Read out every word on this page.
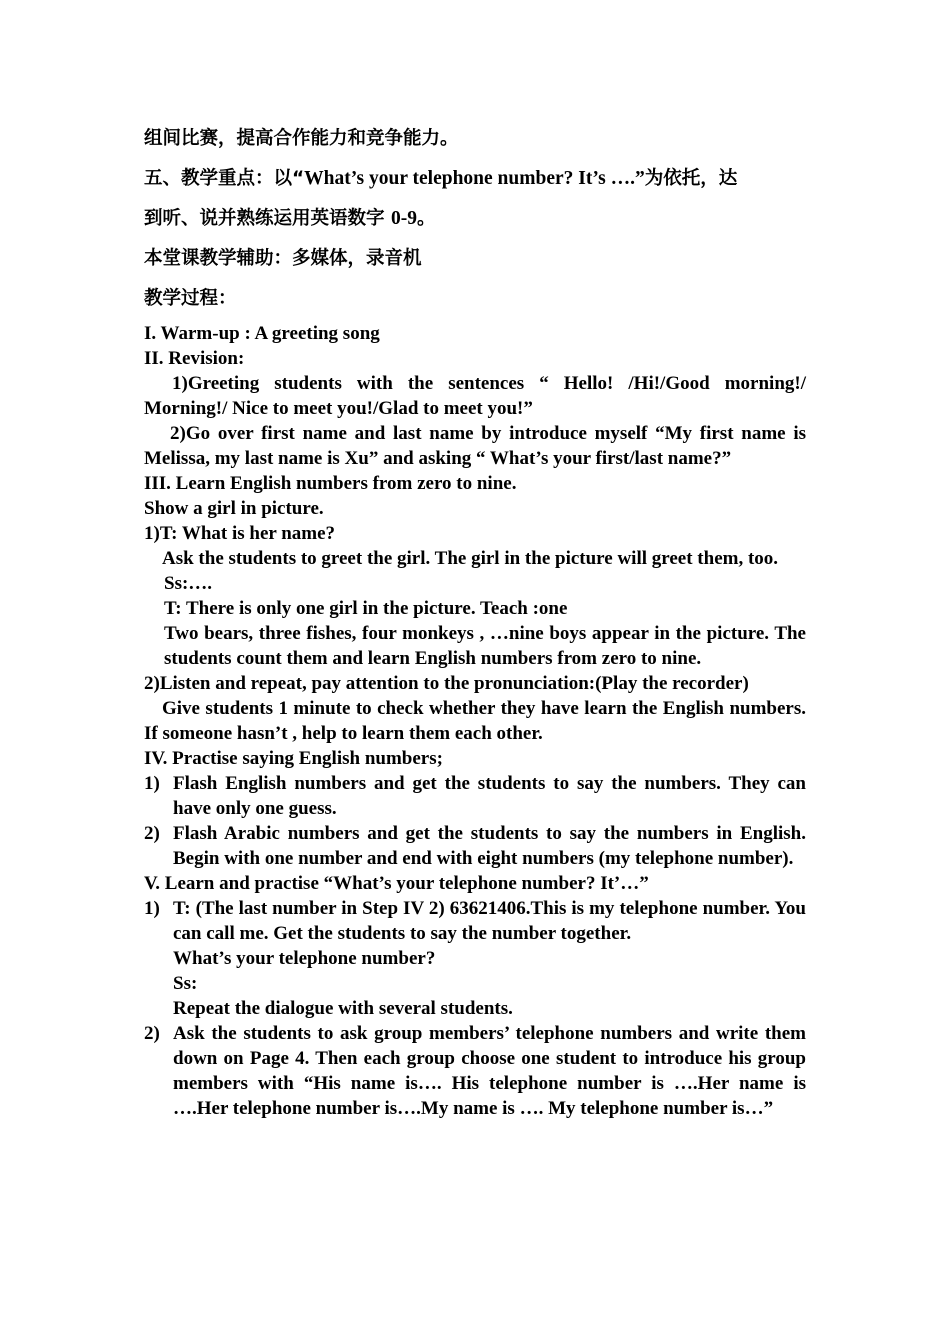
组间比赛，提高合作能力和竞争能力。
五、教学重点：以“What’s your telephone number? It’s ….”为依托，达
到听、说并熟练运用英语数字 0-9。
本堂课教学辅助：多媒体，录音机
教学过程：
I. Warm-up : A greeting song
II. Revision:
1)Greeting students with the sentences “ Hello! /Hi!/Good morning!/ Morning!/ Nice to meet you!/Glad to meet you!”
2)Go over first name and last name by introduce myself “My first name is Melissa, my last name is Xu” and asking “ What’s your first/last name?”
III. Learn English numbers from zero to nine.
Show a girl in picture.
1)T: What is her name?
Ask the students to greet the girl. The girl in the picture will greet them, too.
Ss:….
T: There is only one girl in the picture. Teach :one
Two bears, three fishes, four monkeys , …nine boys appear in the picture. The students count them and learn English numbers from zero to nine.
2)Listen and repeat, pay attention to the pronunciation:(Play the recorder)
Give students 1 minute to check whether they have learn the English numbers. If someone hasn’t , help to learn them each other.
IV. Practise saying English numbers;
1) Flash English numbers and get the students to say the numbers. They can have only one guess.
2) Flash Arabic numbers and get the students to say the numbers in English. Begin with one number and end with eight numbers (my telephone number).
V. Learn and practise “What’s your telephone number? It’…”
1) T: (The last number in Step IV 2) 63621406.This is my telephone number. You can call me. Get the students to say the number together.
What’s your telephone number?
Ss:
Repeat the dialogue with several students.
2) Ask the students to ask group members’ telephone numbers and write them down on Page 4. Then each group choose one student to introduce his group members with “His name is…. His telephone number is ….Her name is ….Her telephone number is….My name is …. My telephone number is…”
